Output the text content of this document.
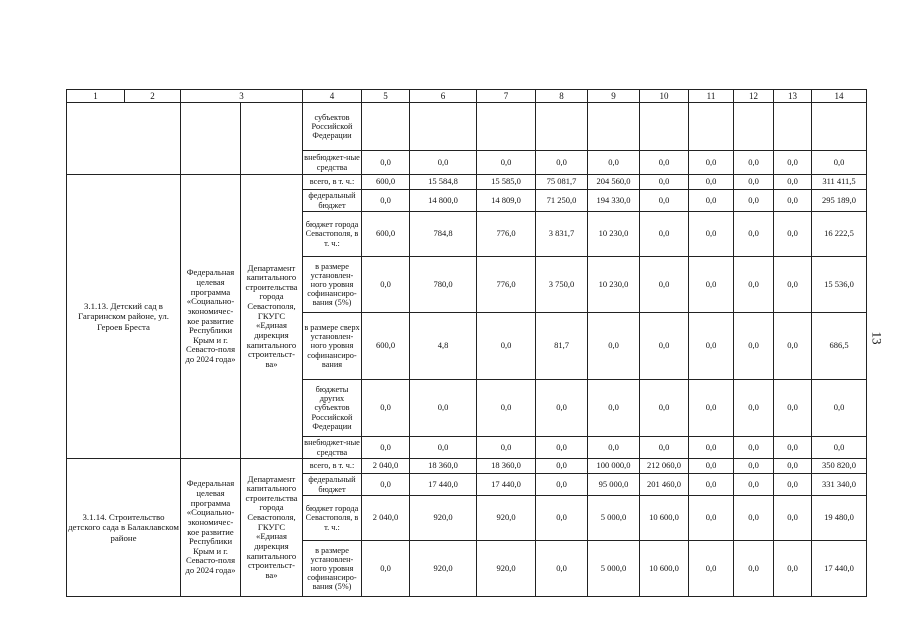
1	2	3		4	5	6	7	8	9	10	11	12	13	14
				субъектов Российской Федерации										
				внебюджет-ные средства	0,0	0,0	0,0	0,0	0,0	0,0	0,0	0,0	0,0	0,0
3.1.13. Детский сад в Гагаринском районе, ул. Героев Бреста		Федеральная целевая программа «Социально-экономичес-кое развитие Республики Крым и г. Севасто-поля до 2024 года»	Департамент капитального строительства города Севастополя, ГКУГС «Единая дирекция капитального строительст-ва»	всего, в т. ч.:	600,0	15 584,8	15 585,0	75 081,7	204 560,0	0,0	0,0	0,0	0,0	311 411,5
				федеральный бюджет	0,0	14 800,0	14 809,0	71 250,0	194 330,0	0,0	0,0	0,0	0,0	295 189,0
				бюджет города Севастополя, в т. ч.:	600,0	784,8	776,0	3 831,7	10 230,0	0,0	0,0	0,0	0,0	16 222,5
				в размере установлен-ного уровня софинансиро-вания (5%)	0,0	780,0	776,0	3 750,0	10 230,0	0,0	0,0	0,0	0,0	15 536,0
				в размере сверх установлен-ного уровня софинансиро-вания	600,0	4,8	0,0	81,7	0,0	0,0	0,0	0,0	0,0	686,5
				бюджеты других субъектов Российской Федерации	0,0	0,0	0,0	0,0	0,0	0,0	0,0	0,0	0,0	0,0
				внебюджет-ные средства	0,0	0,0	0,0	0,0	0,0	0,0	0,0	0,0	0,0	0,0
3.1.14. Строительство детского сада в Балаклавском районе		Федеральная целевая программа «Социально-экономичес-кое развитие Республики Крым и г. Севасто-поля до 2024 года»	Департамент капитального строительства города Севастополя, ГКУГС «Единая дирекция капитального строительст-ва»	всего, в т. ч.:	2 040,0	18 360,0	18 360,0	0,0	100 000,0	212 060,0	0,0	0,0	0,0	350 820,0
				федеральный бюджет	0,0	17 440,0	17 440,0	0,0	95 000,0	201 460,0	0,0	0,0	0,0	331 340,0
				бюджет города Севастополя, в т. ч.:	2 040,0	920,0	920,0	0,0	5 000,0	10 600,0	0,0	0,0	0,0	19 480,0
				в размере установлен-ного уровня софинансиро-вания (5%)	0,0	920,0	920,0	0,0	5 000,0	10 600,0	0,0	0,0	0,0	17 440,0
13
